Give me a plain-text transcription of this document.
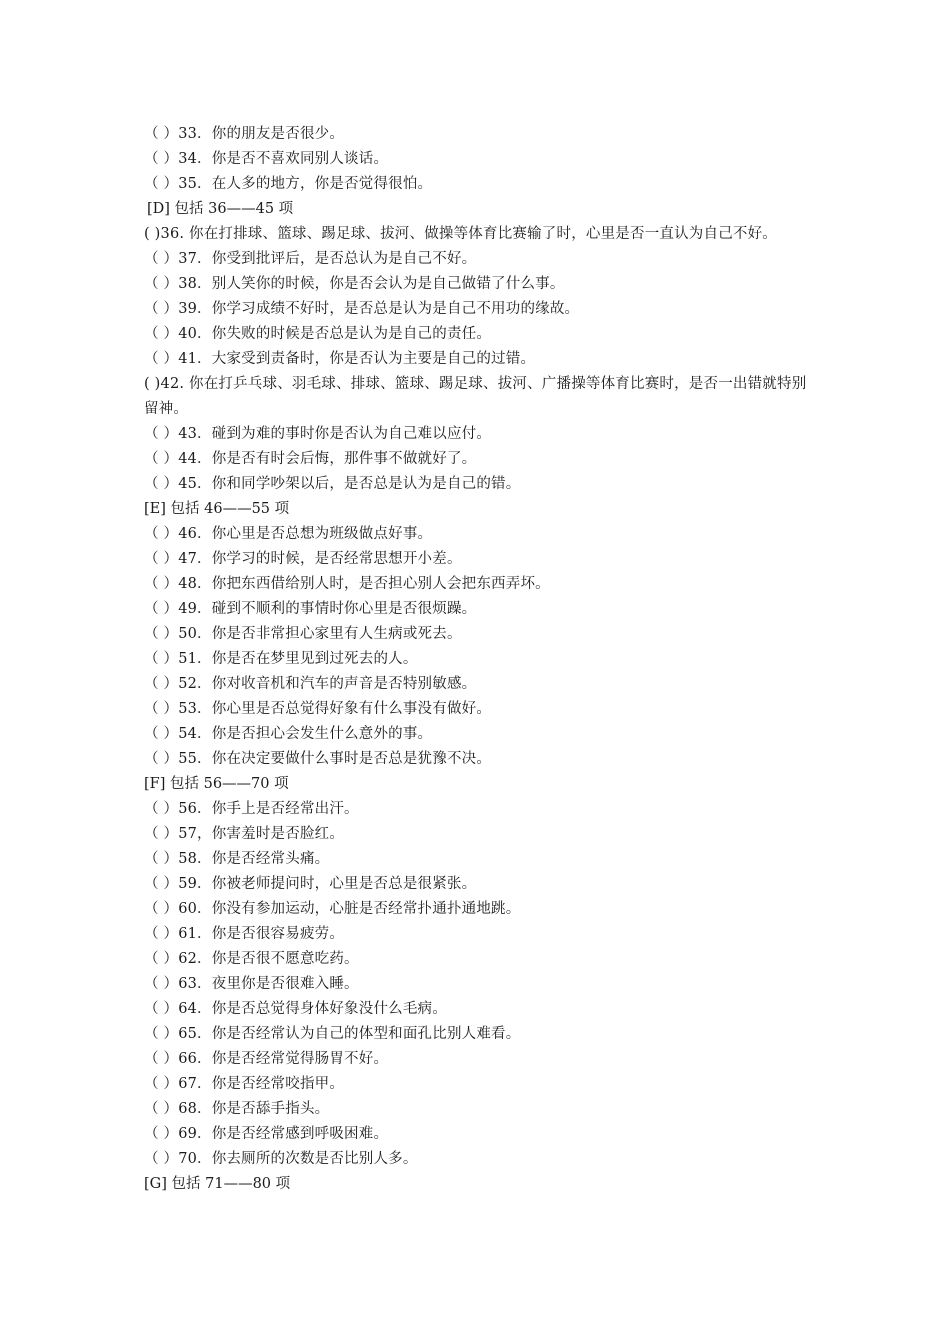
（ ）33．你的朋友是否很少。
（ ）34．你是否不喜欢同别人谈话。
（ ）35．在人多的地方，你是否觉得很怕。
[D] 包括 36——45 项
( )36. 你在打排球、篮球、踢足球、拔河、做操等体育比赛输了时，心里是否一直认为自己不好。
（ ）37．你受到批评后，是否总认为是自己不好。
（ ）38．别人笑你的时候，你是否会认为是自己做错了什么事。
（ ）39．你学习成绩不好时，是否总是认为是自己不用功的缘故。
（ ）40．你失败的时候是否总是认为是自己的责任。
（ ）41．大家受到责备时，你是否认为主要是自己的过错。
( )42. 你在打乒乓球、羽毛球、排球、篮球、踢足球、拔河、广播操等体育比赛时，是否一出错就特别留神。
（ ）43．碰到为难的事时你是否认为自己难以应付。
（ ）44．你是否有时会后悔，那件事不做就好了。
（ ）45．你和同学吵架以后，是否总是认为是自己的错。
[E] 包括 46——55 项
（ ）46．你心里是否总想为班级做点好事。
（ ）47．你学习的时候，是否经常思想开小差。
（ ）48．你把东西借给别人时，是否担心别人会把东西弄坏。
（ ）49．碰到不顺利的事情时你心里是否很烦躁。
（ ）50．你是否非常担心家里有人生病或死去。
（ ）51．你是否在梦里见到过死去的人。
（ ）52．你对收音机和汽车的声音是否特别敏感。
（ ）53．你心里是否总觉得好象有什么事没有做好。
（ ）54．你是否担心会发生什么意外的事。
（ ）55．你在决定要做什么事时是否总是犹豫不决。
[F] 包括 56——70 项
（ ）56．你手上是否经常出汗。
（ ）57，你害羞时是否脸红。
（ ）58．你是否经常头痛。
（ ）59．你被老师提问时，心里是否总是很紧张。
（ ）60．你没有参加运动，心脏是否经常扑通扑通地跳。
（ ）61．你是否很容易疲劳。
（ ）62．你是否很不愿意吃药。
（ ）63．夜里你是否很难入睡。
（ ）64．你是否总觉得身体好象没什么毛病。
（ ）65．你是否经常认为自己的体型和面孔比别人难看。
（ ）66．你是否经常觉得肠胃不好。
（ ）67．你是否经常咬指甲。
（ ）68．你是否舔手指头。
（ ）69．你是否经常感到呼吸困难。
（ ）70．你去厕所的次数是否比别人多。
[G] 包括 71——80 项
